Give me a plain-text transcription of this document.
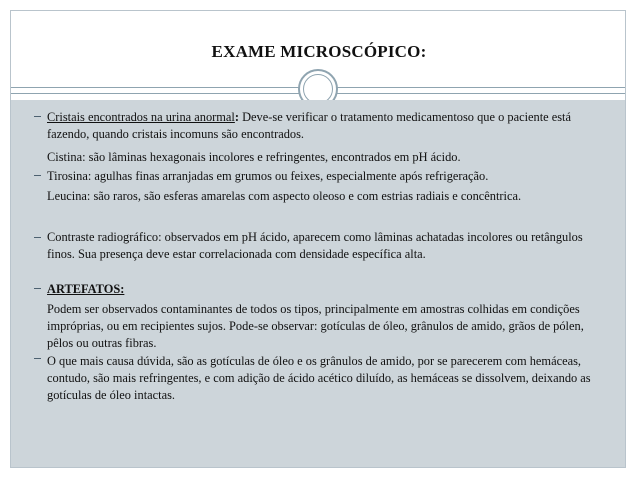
EXAME MICROSCÓPICO:
Cristais encontrados na urina anormal: Deve-se verificar o tratamento medicamentoso que o paciente está fazendo, quando cristais incomuns são encontrados.
Cistina: são lâminas hexagonais incolores e refringentes, encontrados em pH ácido.
Tirosina: agulhas finas arranjadas em grumos ou feixes, especialmente após refrigeração.
Leucina: são raros, são esferas amarelas com aspecto oleoso e com estrias radiais e concêntrica.
Contraste radiográfico: observados em pH ácido, aparecem como lâminas achatadas incolores ou retângulos finos. Sua presença deve estar correlacionada com densidade específica alta.
ARTEFATOS:
Podem ser observados contaminantes de todos os tipos, principalmente em amostras colhidas em condições impróprias, ou em recipientes sujos. Pode-se observar: gotículas de óleo, grânulos de amido, grãos de pólen, pêlos ou outras fibras.
O que mais causa dúvida, são as gotículas de óleo e os grânulos de amido, por se parecerem com hemáceas, contudo, são mais refringentes, e com adição de ácido acético diluído, as hemáceas se dissolvem, deixando as gotículas de óleo intactas.
